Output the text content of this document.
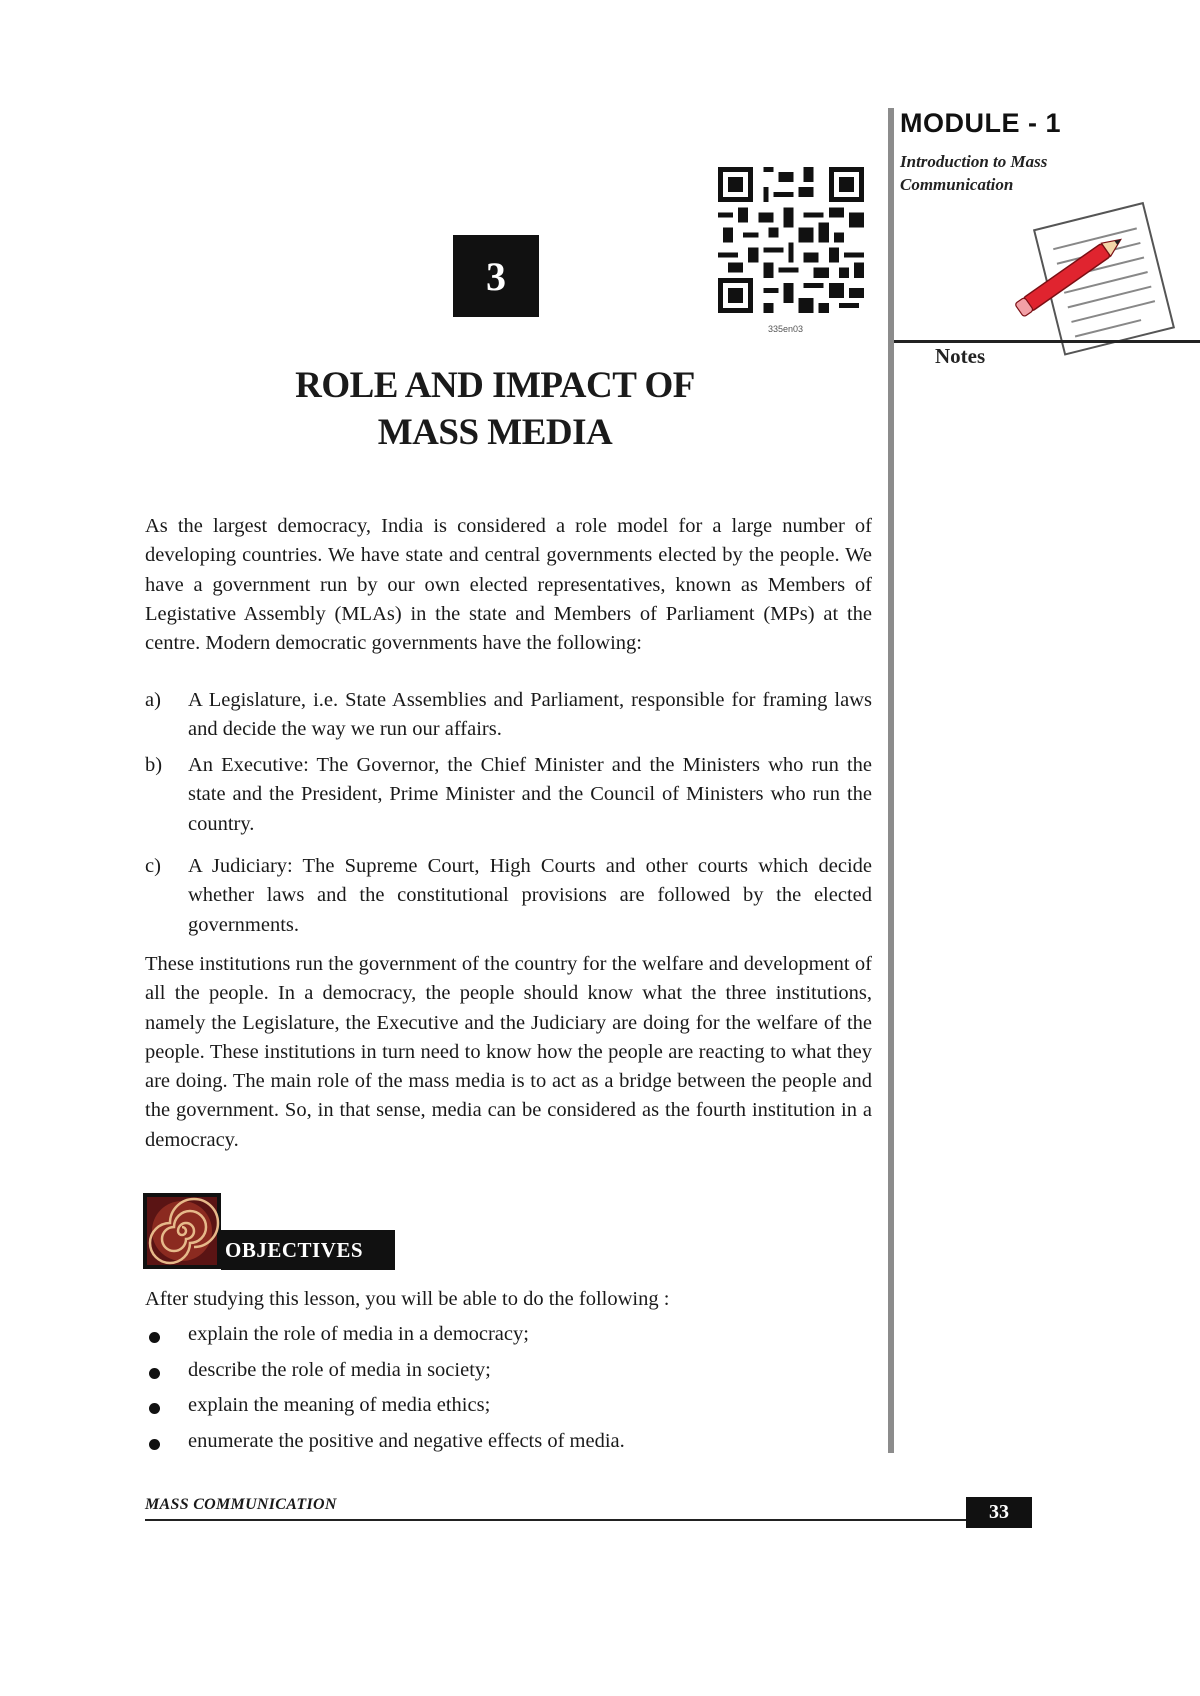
MODULE - 1
Introduction to Mass
Communication
Notes
3
335en03
ROLE AND IMPACT OF
MASS MEDIA
As the largest democracy, India is considered a role model for a large number of developing countries. We have state and central governments elected by the people. We have a government run by our own elected representatives, known as Members of Legistative Assembly (MLAs) in the state and Members of Parliament (MPs) at the centre. Modern democratic governments have the following:
a) A Legislature, i.e. State Assemblies and Parliament, responsible for framing laws and decide the way we run our affairs.
b) An Executive: The Governor, the Chief Minister and the Ministers who run the state and the President, Prime Minister and the Council of Ministers who run the country.
c) A Judiciary: The Supreme Court, High Courts and other courts which decide whether laws and the constitutional provisions are followed by the elected governments.
These institutions run the government of the country for the welfare and development of all the people. In a democracy, the people should know what the three institutions, namely the Legislature, the Executive and the Judiciary are doing for the welfare of the people. These institutions in turn need to know how the people are reacting to what they are doing. The main role of the mass media is to act as a bridge between the people and the government. So, in that sense, media can be considered as the fourth institution in a democracy.
OBJECTIVES
After studying this lesson, you will be able to do the following :
explain the role of media in a democracy;
describe the role of media in society;
explain the meaning of media ethics;
enumerate the positive and negative effects of media.
MASS COMMUNICATION	33
